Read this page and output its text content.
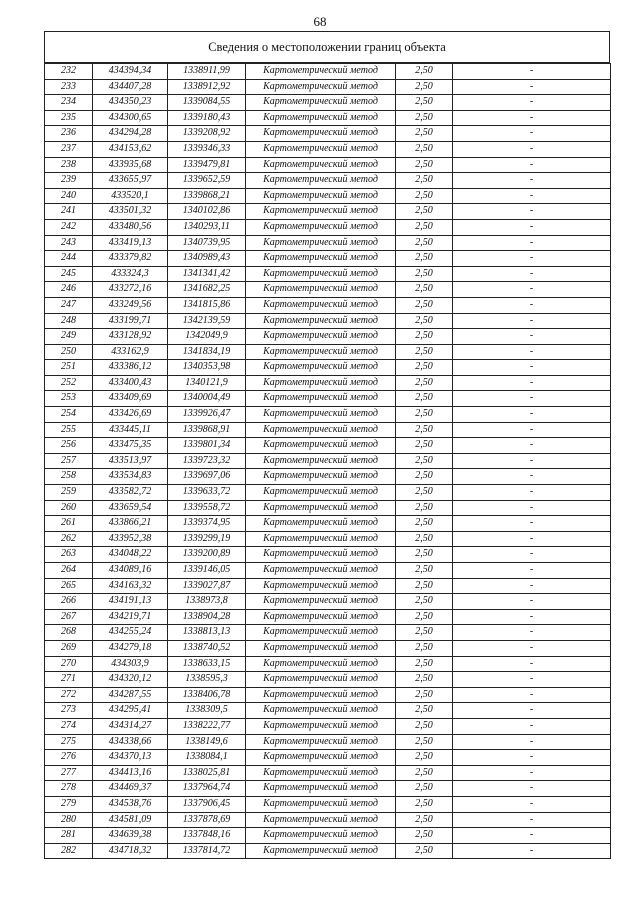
68
Сведения о местоположении границ объекта
232	434394,34	1338911,99	Картометрический метод	2,50	-
233	434407,28	1338912,92	Картометрический метод	2,50	-
234	434350,23	1339084,55	Картометрический метод	2,50	-
235	434300,65	1339180,43	Картометрический метод	2,50	-
236	434294,28	1339208,92	Картометрический метод	2,50	-
237	434153,62	1339346,33	Картометрический метод	2,50	-
238	433935,68	1339479,81	Картометрический метод	2,50	-
239	433655,97	1339652,59	Картометрический метод	2,50	-
240	433520,1	1339868,21	Картометрический метод	2,50	-
241	433501,32	1340102,86	Картометрический метод	2,50	-
242	433480,56	1340293,11	Картометрический метод	2,50	-
243	433419,13	1340739,95	Картометрический метод	2,50	-
244	433379,82	1340989,43	Картометрический метод	2,50	-
245	433324,3	1341341,42	Картометрический метод	2,50	-
246	433272,16	1341682,25	Картометрический метод	2,50	-
247	433249,56	1341815,86	Картометрический метод	2,50	-
248	433199,71	1342139,59	Картометрический метод	2,50	-
249	433128,92	1342049,9	Картометрический метод	2,50	-
250	433162,9	1341834,19	Картометрический метод	2,50	-
251	433386,12	1340353,98	Картометрический метод	2,50	-
252	433400,43	1340121,9	Картометрический метод	2,50	-
253	433409,69	1340004,49	Картометрический метод	2,50	-
254	433426,69	1339926,47	Картометрический метод	2,50	-
255	433445,11	1339868,91	Картометрический метод	2,50	-
256	433475,35	1339801,34	Картометрический метод	2,50	-
257	433513,97	1339723,32	Картометрический метод	2,50	-
258	433534,83	1339697,06	Картометрический метод	2,50	-
259	433582,72	1339633,72	Картометрический метод	2,50	-
260	433659,54	1339558,72	Картометрический метод	2,50	-
261	433866,21	1339374,95	Картометрический метод	2,50	-
262	433952,38	1339299,19	Картометрический метод	2,50	-
263	434048,22	1339200,89	Картометрический метод	2,50	-
264	434089,16	1339146,05	Картометрический метод	2,50	-
265	434163,32	1339027,87	Картометрический метод	2,50	-
266	434191,13	1338973,8	Картометрический метод	2,50	-
267	434219,71	1338904,28	Картометрический метод	2,50	-
268	434255,24	1338813,13	Картометрический метод	2,50	-
269	434279,18	1338740,52	Картометрический метод	2,50	-
270	434303,9	1338633,15	Картометрический метод	2,50	-
271	434320,12	1338595,3	Картометрический метод	2,50	-
272	434287,55	1338406,78	Картометрический метод	2,50	-
273	434295,41	1338309,5	Картометрический метод	2,50	-
274	434314,27	1338222,77	Картометрический метод	2,50	-
275	434338,66	1338149,6	Картометрический метод	2,50	-
276	434370,13	1338084,1	Картометрический метод	2,50	-
277	434413,16	1338025,81	Картометрический метод	2,50	-
278	434469,37	1337964,74	Картометрический метод	2,50	-
279	434538,76	1337906,45	Картометрический метод	2,50	-
280	434581,09	1337878,69	Картометрический метод	2,50	-
281	434639,38	1337848,16	Картометрический метод	2,50	-
282	434718,32	1337814,72	Картометрический метод	2,50	-
